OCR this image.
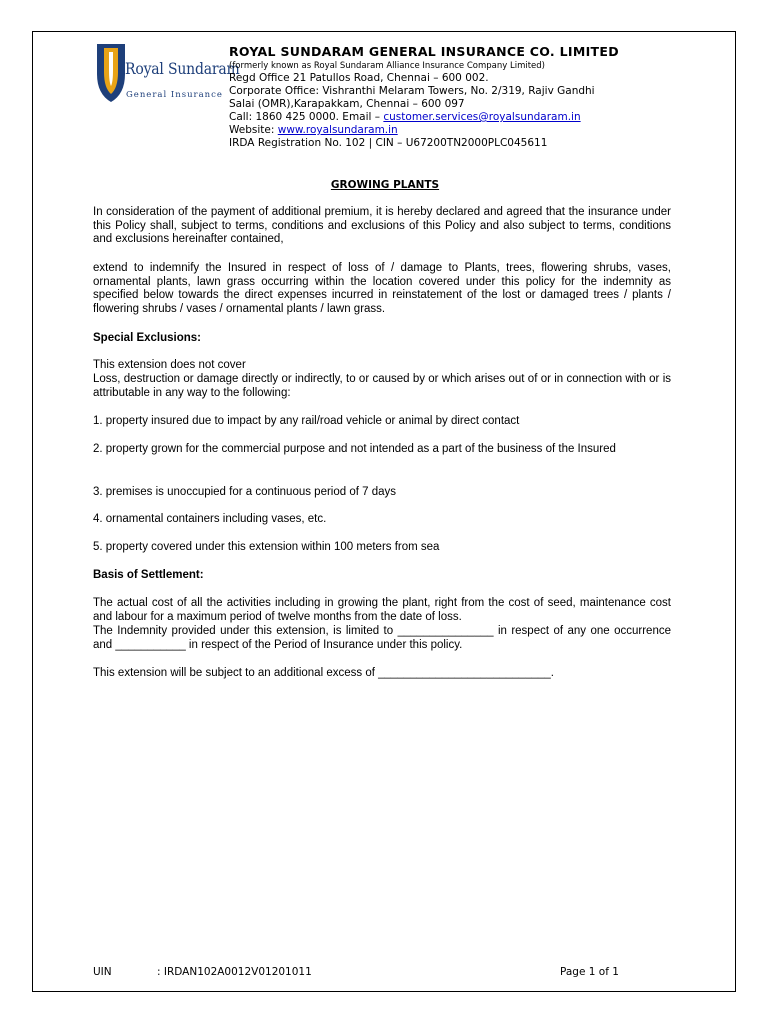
Royal Sundaram
General Insurance
ROYAL SUNDARAM GENERAL INSURANCE CO. LIMITED
(formerly known as Royal Sundaram Alliance Insurance Company Limited)
Regd Office 21 Patullos Road, Chennai – 600 002.
Corporate Office: Vishranthi Melaram Towers, No. 2/319, Rajiv Gandhi
Salai (OMR),Karapakkam, Chennai – 600 097
Call: 1860 425 0000. Email – customer.services@royalsundaram.in
Website: www.royalsundaram.in
IRDA Registration No. 102 | CIN – U67200TN2000PLC045611
GROWING PLANTS
In consideration of the payment of additional premium, it is hereby declared and agreed that the insurance under this Policy shall, subject to terms, conditions and exclusions of this Policy and also subject to terms, conditions and exclusions hereinafter contained,
extend to indemnify the Insured in respect of loss of / damage to Plants, trees, flowering shrubs, vases, ornamental plants, lawn grass occurring within the location covered under this policy for the indemnity as specified below towards the direct expenses incurred in reinstatement of the lost or damaged trees / plants / flowering shrubs / vases / ornamental plants / lawn grass.
Special Exclusions:
This extension does not cover
Loss, destruction or damage directly or indirectly, to or caused by or which arises out of or in connection with or is attributable in any way to the following:
1. property insured due to impact by any rail/road vehicle or animal by direct contact
2. property grown for the commercial purpose and not intended as a part of the business of the Insured
3. premises is unoccupied for a continuous period of 7 days
4. ornamental containers including vases, etc.
5. property covered under this extension within 100 meters from sea
Basis of Settlement:
The actual cost of all the activities including in growing the plant, right from the cost of seed, maintenance cost and labour for a maximum period of twelve months from the date of loss.
The Indemnity provided under this extension, is limited to _______________ in respect of any one occurrence and ___________ in respect of the Period of Insurance under this policy.
This extension will be subject to an additional excess of ___________________________.
UIN	: IRDAN102A0012V01201011	Page 1 of 1
